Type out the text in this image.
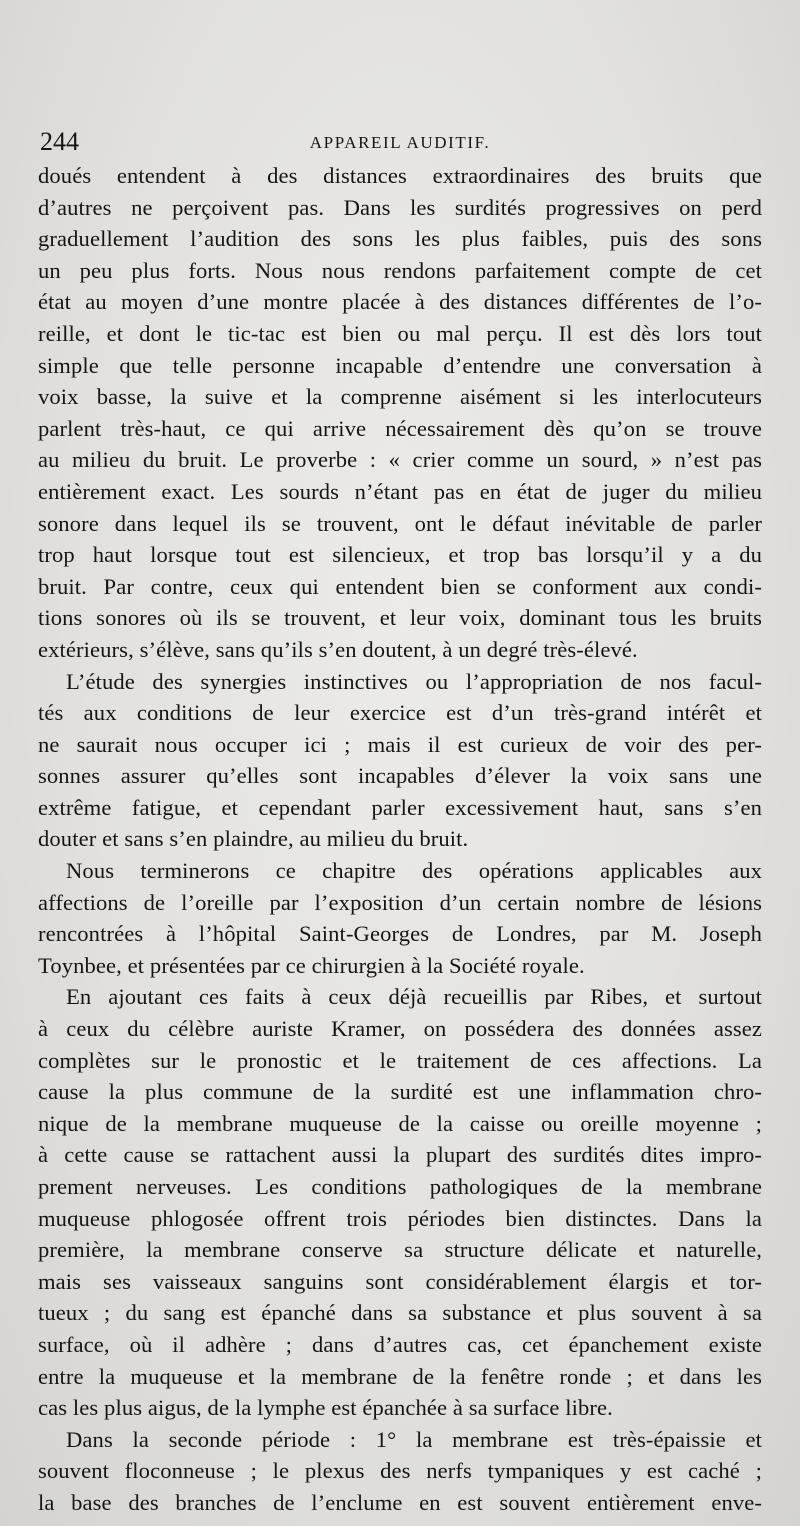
244	APPAREIL AUDITIF.
doués entendent à des distances extraordinaires des bruits que
d’autres ne perçoivent pas. Dans les surdités progressives on perd
graduellement l’audition des sons les plus faibles, puis des sons
un peu plus forts. Nous nous rendons parfaitement compte de cet
état au moyen d’une montre placée à des distances différentes de l’o-
reille, et dont le tic-tac est bien ou mal perçu. Il est dès lors tout
simple que telle personne incapable d’entendre une conversation à
voix basse, la suive et la comprenne aisément si les interlocuteurs
parlent très-haut, ce qui arrive nécessairement dès qu’on se trouve
au milieu du bruit. Le proverbe : « crier comme un sourd, » n’est pas
entièrement exact. Les sourds n’étant pas en état de juger du milieu
sonore dans lequel ils se trouvent, ont le défaut inévitable de parler
trop haut lorsque tout est silencieux, et trop bas lorsqu’il y a du
bruit. Par contre, ceux qui entendent bien se conforment aux condi-
tions sonores où ils se trouvent, et leur voix, dominant tous les bruits
extérieurs, s’élève, sans qu’ils s’en doutent, à un degré très-élevé.
L’étude des synergies instinctives ou l’appropriation de nos facul-
tés aux conditions de leur exercice est d’un très-grand intérêt et
ne saurait nous occuper ici ; mais il est curieux de voir des per-
sonnes assurer qu’elles sont incapables d’élever la voix sans une
extrême fatigue, et cependant parler excessivement haut, sans s’en
douter et sans s’en plaindre, au milieu du bruit.
Nous terminerons ce chapitre des opérations applicables aux
affections de l’oreille par l’exposition d’un certain nombre de lésions
rencontrées à l’hôpital Saint-Georges de Londres, par M. Joseph
Toynbee, et présentées par ce chirurgien à la Société royale.
En ajoutant ces faits à ceux déjà recueillis par Ribes, et surtout
à ceux du célèbre auriste Kramer, on possédera des données assez
complètes sur le pronostic et le traitement de ces affections. La
cause la plus commune de la surdité est une inflammation chro-
nique de la membrane muqueuse de la caisse ou oreille moyenne ;
à cette cause se rattachent aussi la plupart des surdités dites impro-
prement nerveuses. Les conditions pathologiques de la membrane
muqueuse phlogosée offrent trois périodes bien distinctes. Dans la
première, la membrane conserve sa structure délicate et naturelle,
mais ses vaisseaux sanguins sont considérablement élargis et tor-
tueux ; du sang est épanché dans sa substance et plus souvent à sa
surface, où il adhère ; dans d’autres cas, cet épanchement existe
entre la muqueuse et la membrane de la fenêtre ronde ; et dans les
cas les plus aigus, de la lymphe est épanchée à sa surface libre.
Dans la seconde période : 1° la membrane est très-épaissie et
souvent floconneuse ; le plexus des nerfs tympaniques y est caché ;
la base des branches de l’enclume en est souvent entièrement enve-
